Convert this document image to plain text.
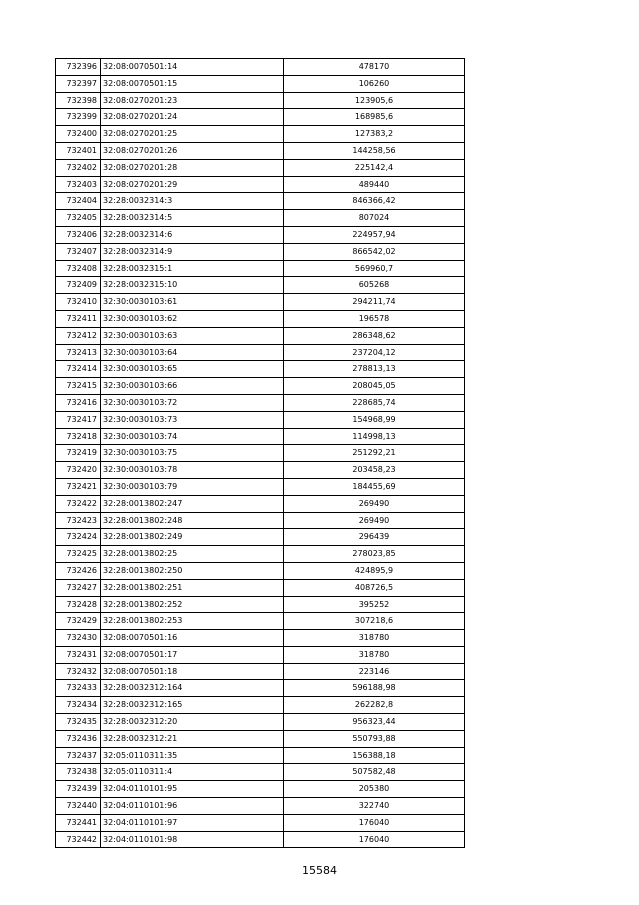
732396	32:08:0070501:14	478170
732397	32:08:0070501:15	106260
732398	32:08:0270201:23	123905,6
732399	32:08:0270201:24	168985,6
732400	32:08:0270201:25	127383,2
732401	32:08:0270201:26	144258,56
732402	32:08:0270201:28	225142,4
732403	32:08:0270201:29	489440
732404	32:28:0032314:3	846366,42
732405	32:28:0032314:5	807024
732406	32:28:0032314:6	224957,94
732407	32:28:0032314:9	866542,02
732408	32:28:0032315:1	569960,7
732409	32:28:0032315:10	605268
732410	32:30:0030103:61	294211,74
732411	32:30:0030103:62	196578
732412	32:30:0030103:63	286348,62
732413	32:30:0030103:64	237204,12
732414	32:30:0030103:65	278813,13
732415	32:30:0030103:66	208045,05
732416	32:30:0030103:72	228685,74
732417	32:30:0030103:73	154968,99
732418	32:30:0030103:74	114998,13
732419	32:30:0030103:75	251292,21
732420	32:30:0030103:78	203458,23
732421	32:30:0030103:79	184455,69
732422	32:28:0013802:247	269490
732423	32:28:0013802:248	269490
732424	32:28:0013802:249	296439
732425	32:28:0013802:25	278023,85
732426	32:28:0013802:250	424895,9
732427	32:28:0013802:251	408726,5
732428	32:28:0013802:252	395252
732429	32:28:0013802:253	307218,6
732430	32:08:0070501:16	318780
732431	32:08:0070501:17	318780
732432	32:08:0070501:18	223146
732433	32:28:0032312:164	596188,98
732434	32:28:0032312:165	262282,8
732435	32:28:0032312:20	956323,44
732436	32:28:0032312:21	550793,88
732437	32:05:0110311:35	156388,18
732438	32:05:0110311:4	507582,48
732439	32:04:0110101:95	205380
732440	32:04:0110101:96	322740
732441	32:04:0110101:97	176040
732442	32:04:0110101:98	176040
15584
